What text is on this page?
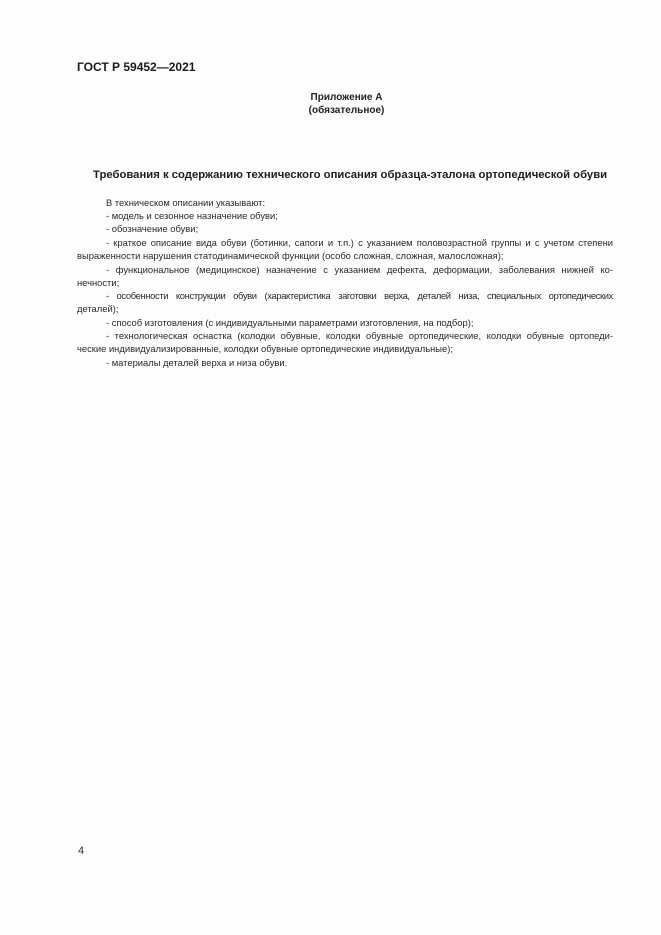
ГОСТ Р 59452—2021
Приложение А
(обязательное)
Требования к содержанию технического описания образца-эталона ортопедической обуви
В техническом описании указывают:
- модель и сезонное назначение обуви;
- обозначение обуви;
- краткое описание вида обуви (ботинки, сапоги и т.п.) с указанием половозрастной группы и с учетом степени
выраженности нарушения статодинамической функции (особо сложная, сложная, малосложная);
- функциональное (медицинское) назначение с указанием дефекта, деформации, заболевания нижней ко-
нечности;
- особенности конструкции обуви (характеристика заготовки верха, деталей низа, специальных ортопедических
деталей);
- способ изготовления (с индивидуальными параметрами изготовления, на подбор);
- технологическая оснастка (колодки обувные, колодки обувные ортопедические, колодки обувные ортопеди-
ческие индивидуализированные, колодки обувные ортопедические индивидуальные);
- материалы деталей верха и низа обуви.
4
